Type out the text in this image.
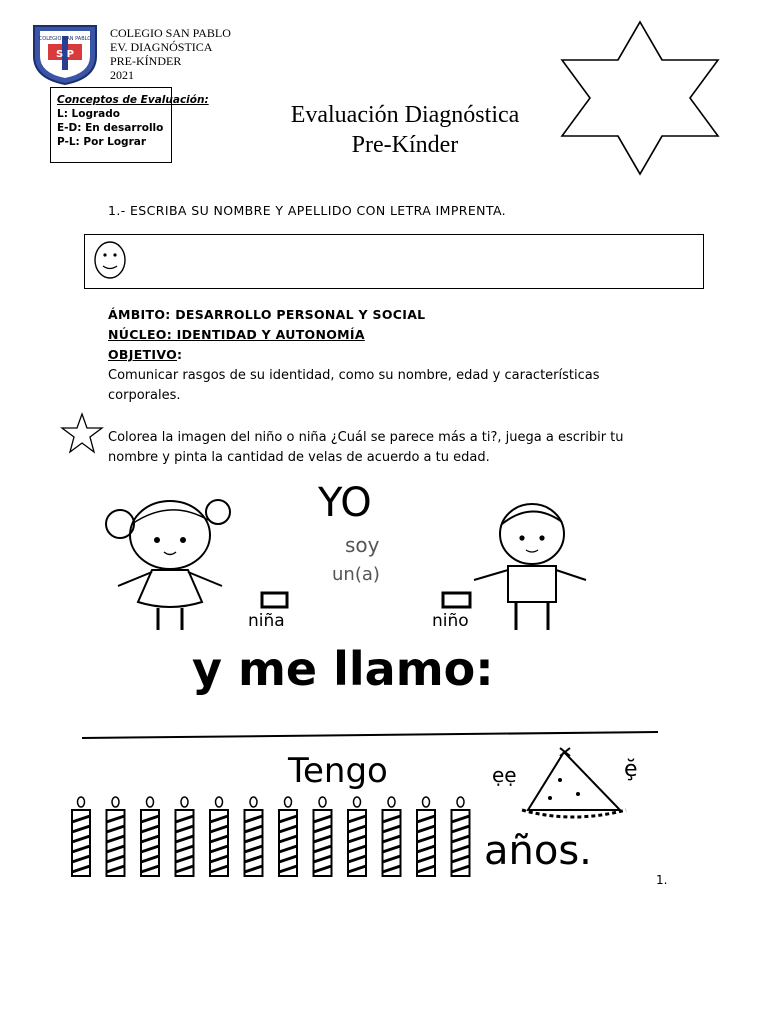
COLEGIO SAN PABLO
S P
COLEGIO SAN PABLO
EV. DIAGNÓSTICA
PRE-KÍNDER
2021
Conceptos de Evaluación:
L: Logrado
E-D: En desarrollo
P-L: Por Lograr
Evaluación Diagnóstica
Pre-Kínder
1.- ESCRIBA SU NOMBRE Y APELLIDO CON LETRA IMPRENTA.
ÁMBITO: DESARROLLO PERSONAL Y SOCIAL
NÚCLEO: IDENTIDAD Y AUTONOMÍA
OBJETIVO:
Comunicar rasgos de su identidad, como su nombre, edad y características corporales.
Colorea la imagen del niño o niña ¿Cuál se parece más a ti?, juega a escribir tu nombre y pinta la cantidad de velas de acuerdo a tu edad.
YO
soy
un(a)
niña	niño
y me llamo:
Tengo	ẹẹ	ḝ
años.
1.
